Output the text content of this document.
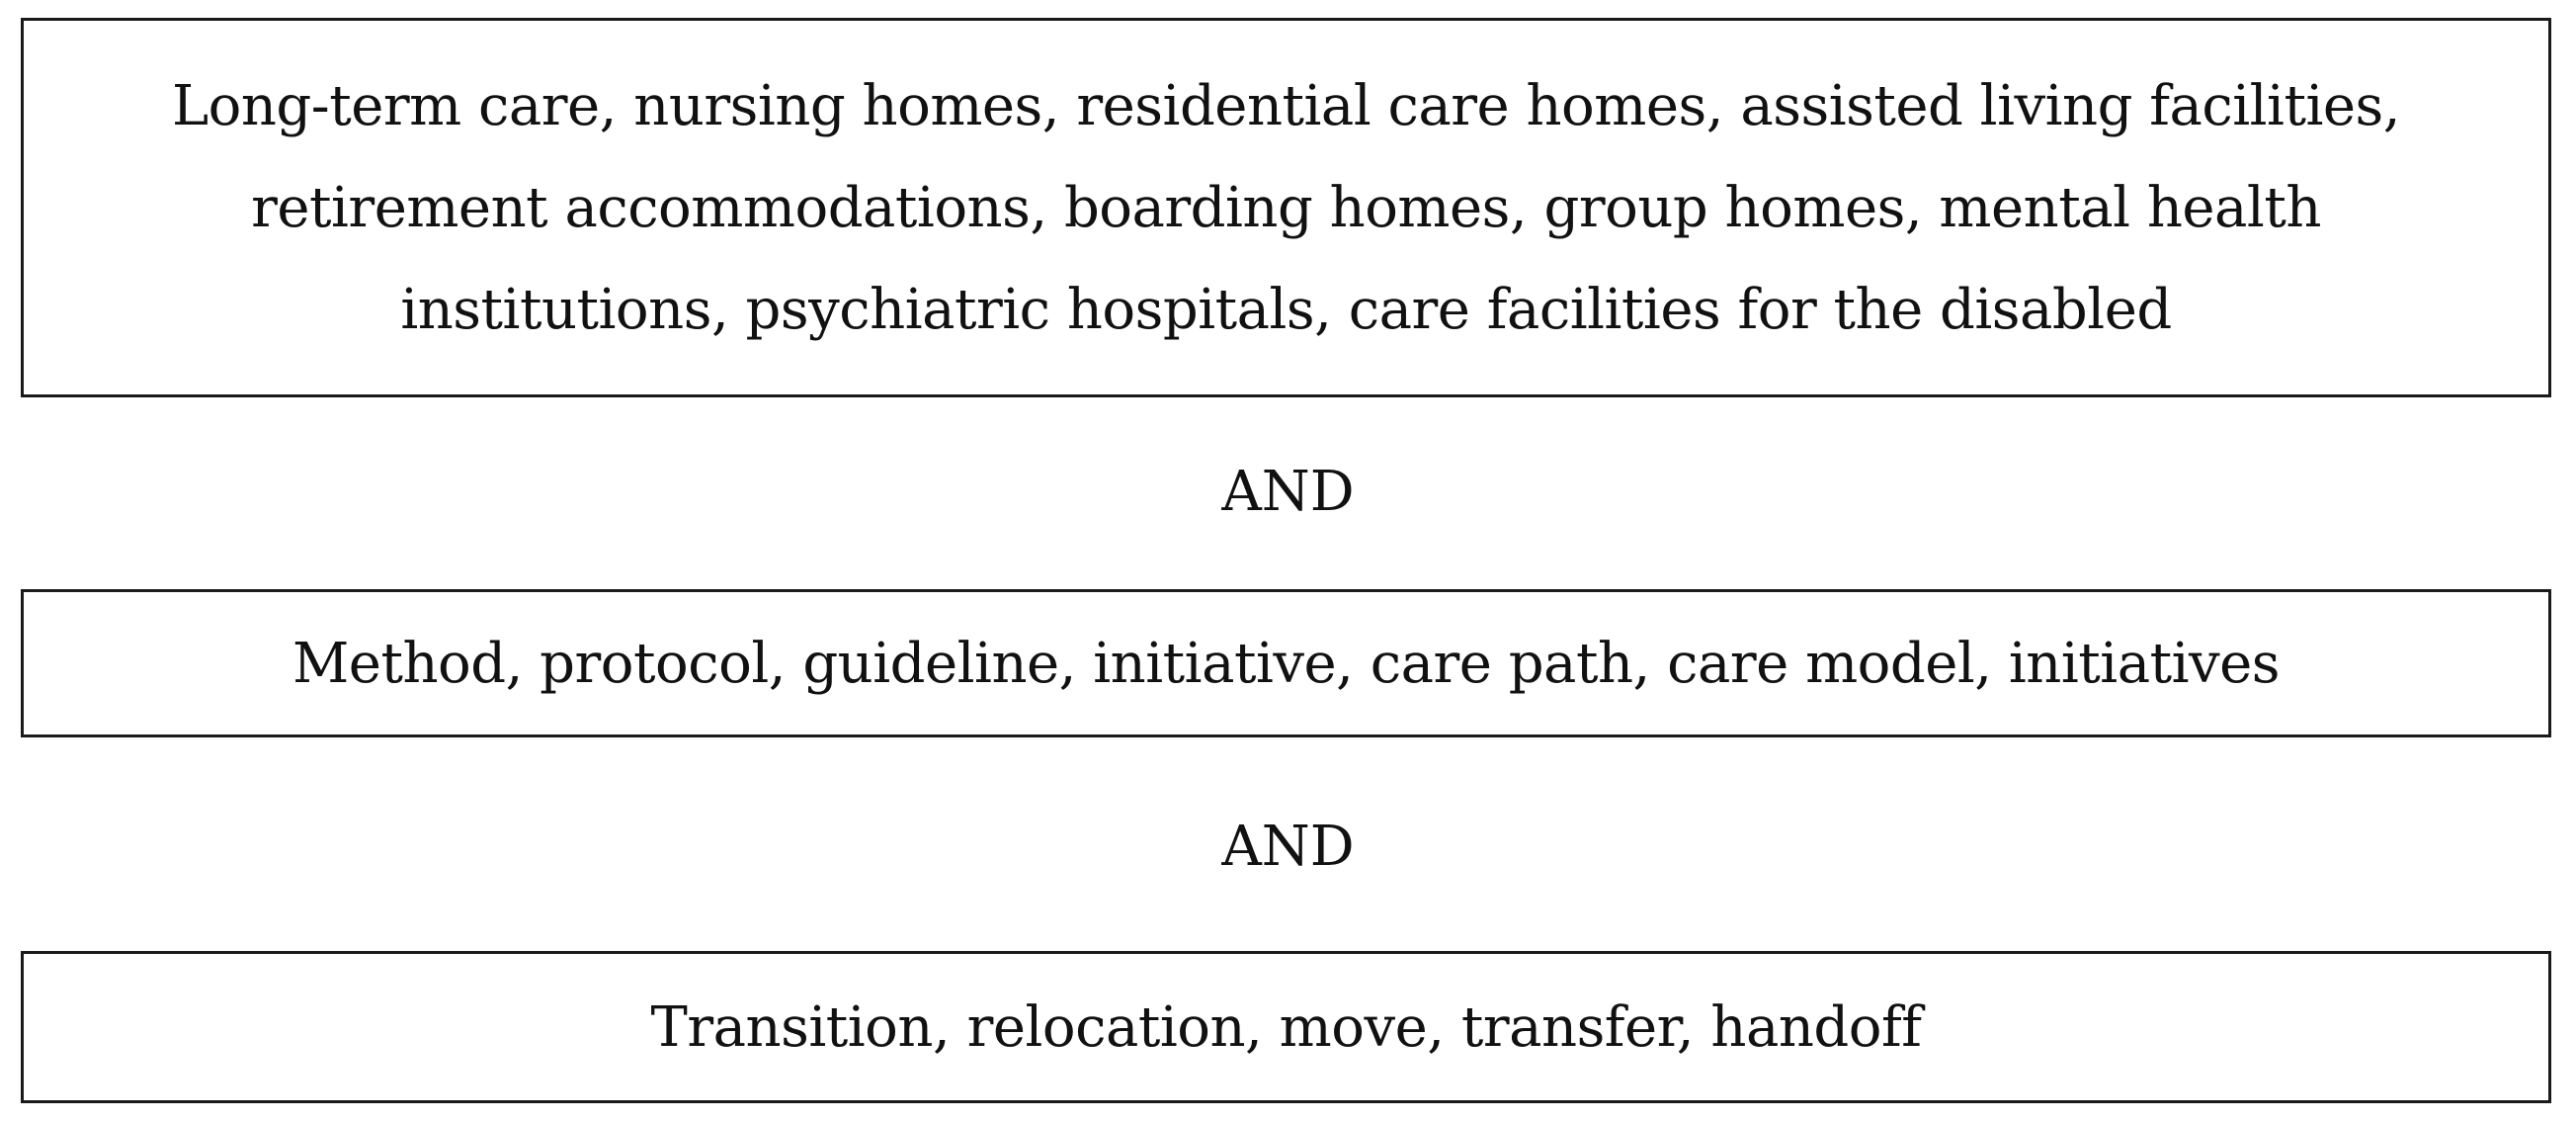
Long-term care, nursing homes, residential care homes, assisted living facilities, retirement accommodations, boarding homes, group homes, mental health institutions, psychiatric hospitals, care facilities for the disabled
AND
Method, protocol, guideline, initiative, care path, care model, initiatives
AND
Transition, relocation, move, transfer, handoff
